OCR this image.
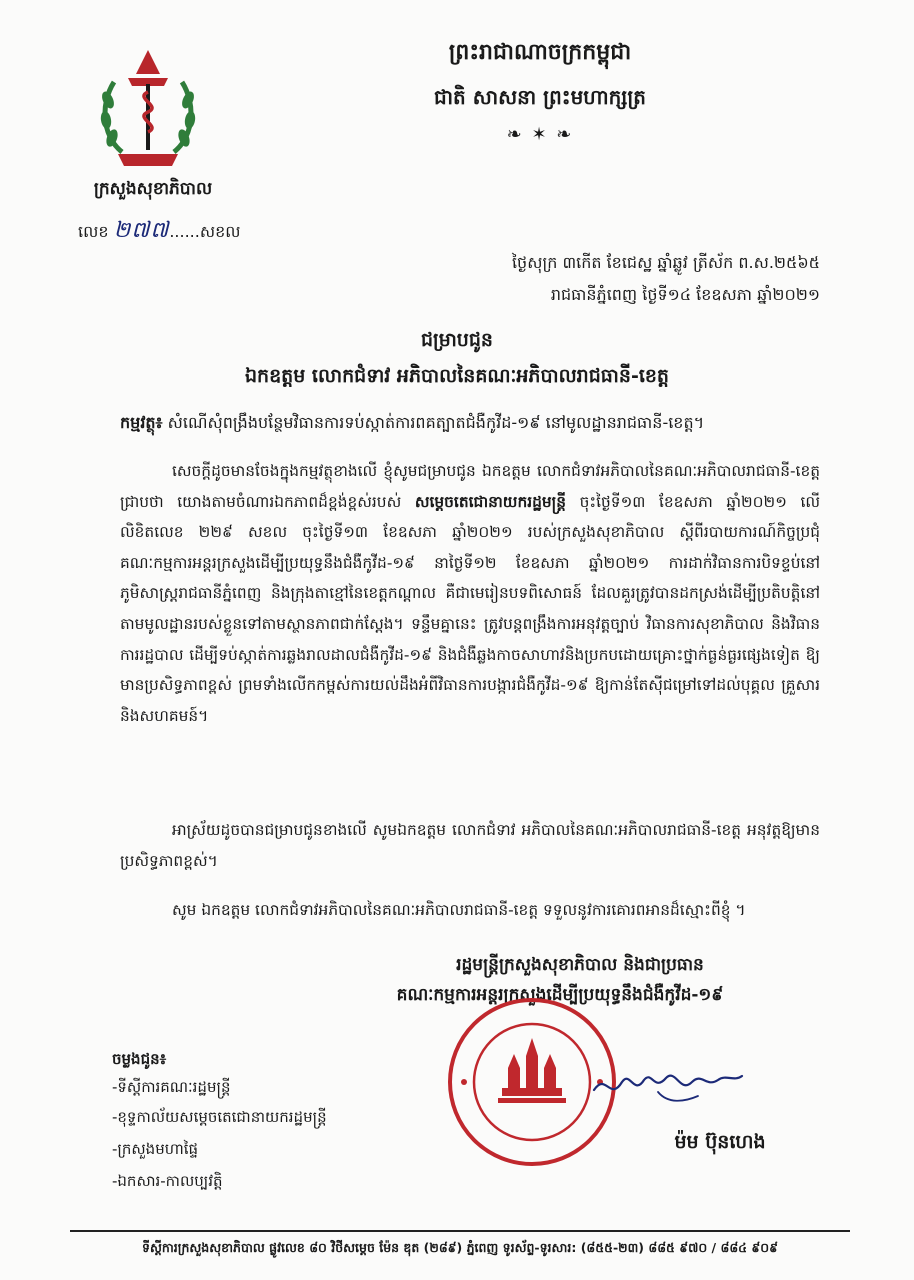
ក្រសួងសុខាភិបាល
លេខ ២៧៧......សខល
ព្រះរាជាណាចក្រកម្ពុជា
ជាតិ សាសនា ព្រះមហាក្សត្រ
❧ ✶ ❧
ថ្ងៃសុក្រ ៣កើត ខែជេស្ឋ ឆ្នាំឆ្លូវ ត្រីស័ក ព.ស.២៥៦៥
រាជធានីភ្នំពេញ ថ្ងៃទី១៤ ខែឧសភា ឆ្នាំ២០២១
ជម្រាបជូន
ឯកឧត្តម លោកជំទាវ អភិបាលនៃគណៈអភិបាលរាជធានី-ខេត្ត
កម្មវត្ថុ៖ សំណើសុំពង្រឹងបន្ថែមវិធានការទប់ស្កាត់ការពគត្បាតជំងឺកូវីដ-១៩ នៅមូលដ្ឋានរាជធានី-ខេត្ត។
សេចក្តីដូចមានចែងក្នុងកម្មវត្ថុខាងលើ ខ្ញុំសូមជម្រាបជូន ឯកឧត្តម លោកជំទាវអភិបាលនៃគណៈអភិបាលរាជធានី-ខេត្ត ជ្រាបថា យោងតាមចំណារឯកភាពដ៏ខ្ពង់ខ្ពស់របស់ សម្តេចតេជោនាយករដ្ឋមន្ត្រី ចុះថ្ងៃទី១៣ ខែឧសភា ឆ្នាំ២០២១ លើលិខិតលេខ ២២៩ សខល ចុះថ្ងៃទី១៣ ខែឧសភា ឆ្នាំ២០២១ របស់ក្រសួងសុខាភិបាល ស្តីពីរបាយការណ៍កិច្ចប្រជុំគណៈកម្មការអន្តរក្រសួងដើម្បីប្រយុទ្ធនឹងជំងឺកូវីដ-១៩ នាថ្ងៃទី១២ ខែឧសភា ឆ្នាំ២០២១ ការដាក់វិធានការបិទខ្ទប់នៅភូមិសាស្ត្ររាជធានីភ្នំពេញ និងក្រុងតាខ្មៅនៃខេត្តកណ្តាល គឺជាមេរៀនបទពិសោធន៍ ដែលគួរត្រូវបានដកស្រង់ដើម្បីប្រតិបត្តិនៅតាមមូលដ្ឋានរបស់ខ្លួនទៅតាមស្ថានភាពជាក់ស្តែង។ ទន្ទឹមគ្នានេះ ត្រូវបន្តពង្រឹងការអនុវត្តច្បាប់ វិធានការសុខាភិបាល និងវិធានការរដ្ឋបាល ដើម្បីទប់ស្កាត់ការឆ្លងរាលដាលជំងឺកូវីដ-១៩ និងជំងឺឆ្លងកាចសាហាវនិងប្រកបដោយគ្រោះថ្នាក់ធ្ងន់ធ្ងរផ្សេងទៀត ឱ្យមានប្រសិទ្ធភាពខ្ពស់ ព្រមទាំងលើកកម្ពស់ការយល់ដឹងអំពីវិធានការបង្ការជំងឺកូវីដ-១៩ ឱ្យកាន់តែស៊ីជម្រៅទៅដល់បុគ្គល គ្រួសារ និងសហគមន៍។
អាស្រ័យដូចបានជម្រាបជូនខាងលើ សូមឯកឧត្តម លោកជំទាវ អភិបាលនៃគណៈអភិបាលរាជធានី-ខេត្ត អនុវត្តឱ្យមានប្រសិទ្ធភាពខ្ពស់។
សូម ឯកឧត្តម លោកជំទាវអភិបាលនៃគណៈអភិបាលរាជធានី-ខេត្ត ទទួលនូវការគោរពអានដ៏ស្មោះពីខ្ញុំ ។
រដ្ឋមន្ត្រីក្រសួងសុខាភិបាល និងជាប្រធាន
គណៈកម្មការអន្តរក្រសួងដើម្បីប្រយុទ្ធនឹងជំងឺកូវីដ-១៩
ម៉ម ប៊ុនហេង
ចម្លងជូន៖
-ទីស្តីការគណៈរដ្ឋមន្ត្រី
-ខុទ្ទកាល័យសម្តេចតេជោនាយករដ្ឋមន្ត្រី
-ក្រសួងមហាផ្ទៃ
-ឯកសារ-កាលប្បវត្តិ
ទីស្តីការក្រសួងសុខាភិបាល ផ្លូវលេខ ៨០ វិថីសម្តេច ម៉ែន ឌុត (២៨៩) ភ្នំពេញ ទូរស័ព្ទ-ទូរសារ: (៨៥៥-២៣) ៨៨៥ ៩៧០ / ៨៨៤ ៩០៩
